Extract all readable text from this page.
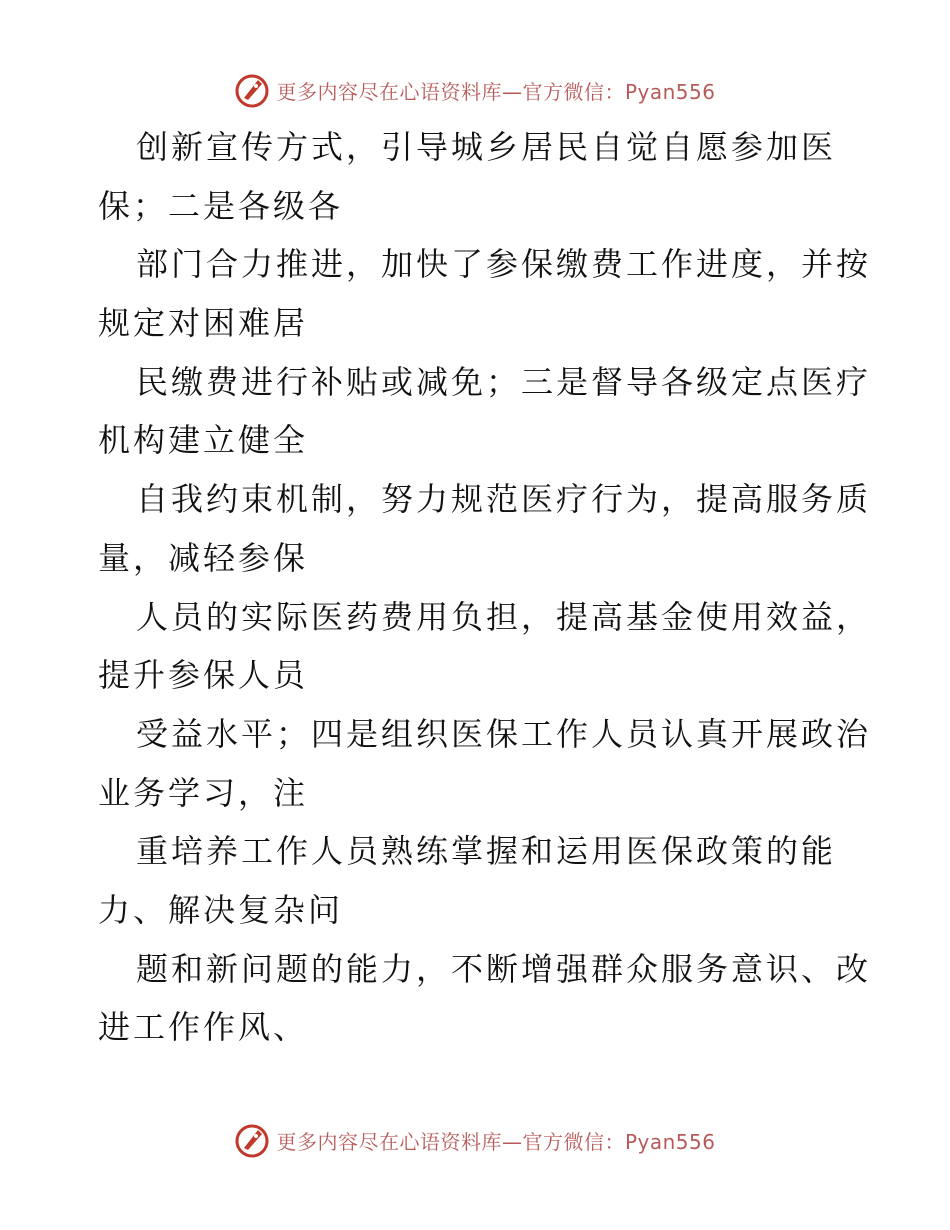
更多内容尽在心语资料库—官方微信：Pyan556

创新宣传方式，引导城乡居民自觉自愿参加医

保；二是各级各

部门合力推进，加快了参保缴费工作进度，并按

规定对困难居

民缴费进行补贴或减免；三是督导各级定点医疗

机构建立健全

自我约束机制，努力规范医疗行为，提高服务质

量，减轻参保

人员的实际医药费用负担，提高基金使用效益，

提升参保人员

受益水平；四是组织医保工作人员认真开展政治

业务学习，注

重培养工作人员熟练掌握和运用医保政策的能

力、解决复杂问

题和新问题的能力，不断增强群众服务意识、改

进工作作风、

更多内容尽在心语资料库—官方微信：Pyan556
